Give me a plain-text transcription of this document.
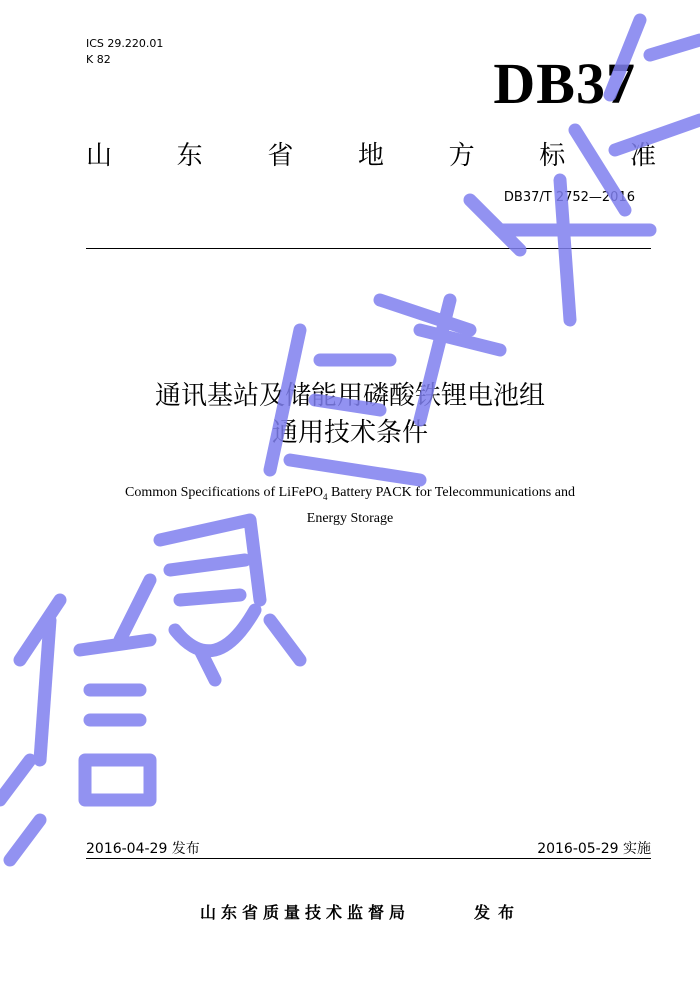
ICS 29.220.01
K 82	DB37
山 东 省 地 方 标 准
DB37/T 2752—2016
通讯基站及储能用磷酸铁锂电池组
通用技术条件
Common Specifications of LiFePO$_4$ Battery PACK for Telecommunications and
Energy Storage
2016-04-29 发布	2016-05-29 实施
山东省质量技术监督局	发布
